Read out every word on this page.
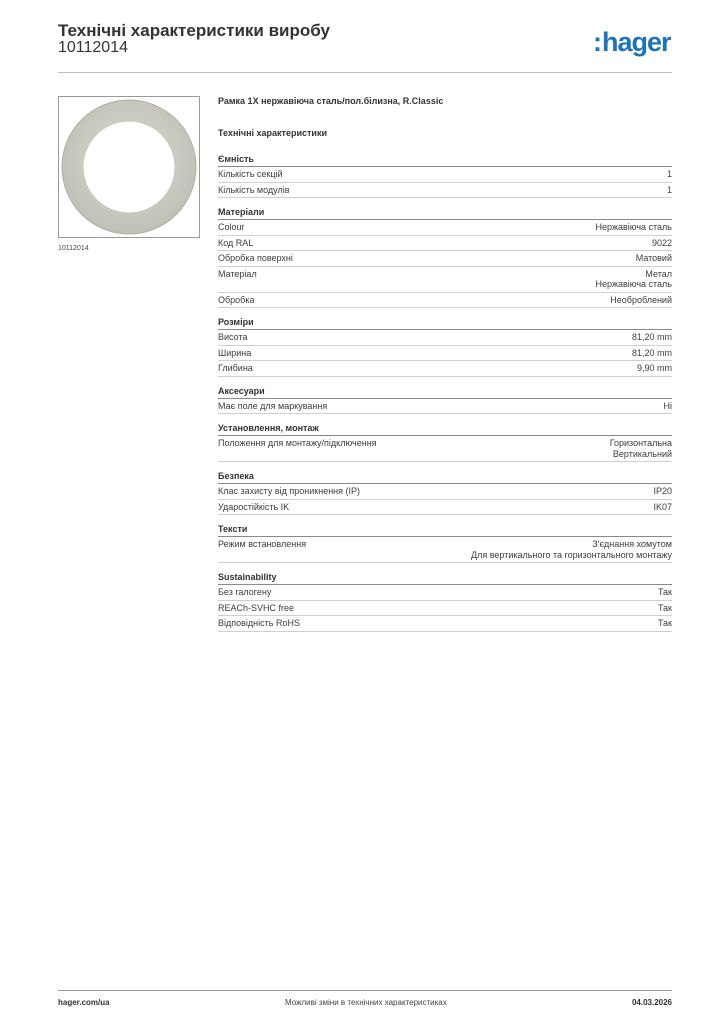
Технічні характеристики виробу
10112014	:hager
10112014
Рамка 1X нержавіюча сталь/пол.білизна, R.Classic
Технічні характеристики
Ємність
Кількість секцій	1
Кількість модулів	1
Матеріали
Colour	Нержавіюча сталь
Код RAL	9022
Обробка поверхні	Матовий
Матеріал	Метал
Нержавіюча сталь
Обробка	Необроблений
Розміри
Висота	81,20 mm
Ширина	81,20 mm
Глибина	9,90 mm
Аксесуари
Має поле для маркування	Ні
Установлення, монтаж
Положення для монтажу/підключення	Горизонтальна
Вертикальний
Безпека
Клас захисту від проникнення (IP)	IP20
Ударостійкість IK	IK07
Тексти
Режим встановлення	З'єднання хомутом
Для вертикального та горизонтального монтажу
Sustainability
Без галогену	Так
REACh-SVHC free	Так
Відповідність RoHS	Так
hager.com/ua	Можливі зміни в технічних характеристиках	04.03.2026
